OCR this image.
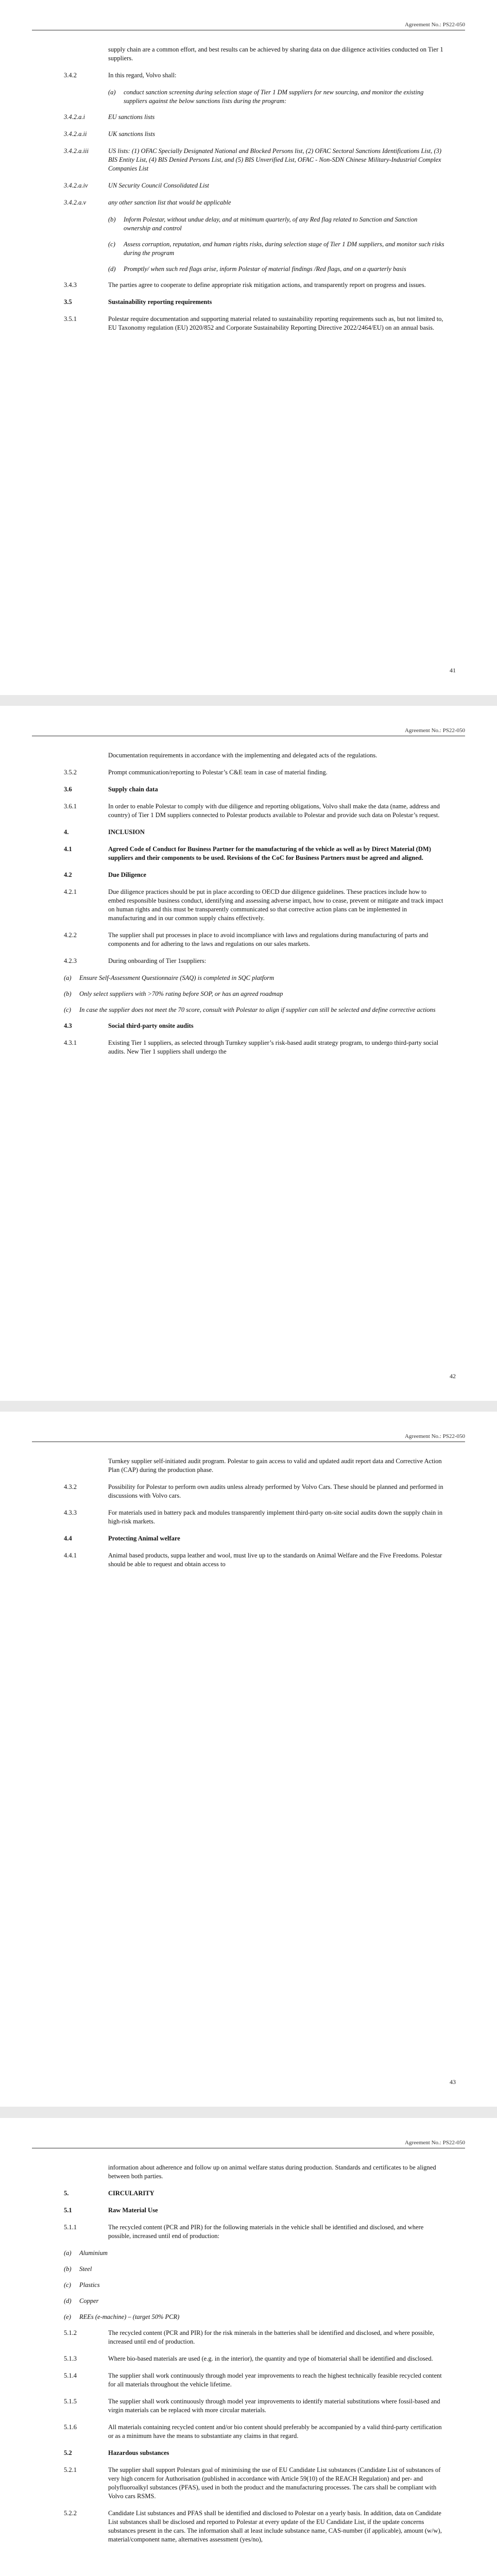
Agreement No.: PS22-050
supply chain are a common effort, and best results can be achieved by sharing data on due diligence activities conducted on Tier 1 suppliers.
3.4.2	In this regard, Volvo shall:
(a)	conduct sanction screening during selection stage of Tier 1 DM suppliers for new sourcing, and monitor the existing suppliers against the below sanctions lists during the program:
3.4.2.a.i	EU sanctions lists
3.4.2.a.ii	UK sanctions lists
3.4.2.a.iii	US lists: (1) OFAC Specially Designated National and Blocked Persons list, (2) OFAC Sectoral Sanctions Identifications List, (3) BIS Entity List, (4) BIS Denied Persons List, and (5) BIS Unverified List, OFAC - Non-SDN Chinese Military-Industrial Complex Companies List
3.4.2.a.iv	UN Security Council Consolidated List
3.4.2.a.v	any other sanction list that would be applicable
(b)	Inform Polestar, without undue delay, and at minimum quarterly, of any Red flag related to Sanction and Sanction ownership and control
(c)	Assess corruption, reputation, and human rights risks, during selection stage of Tier 1 DM suppliers, and monitor such risks during the program
(d)	Promptly/ when such red flags arise, inform Polestar of material findings /Red flags, and on a quarterly basis
3.4.3	The parties agree to cooperate to define appropriate risk mitigation actions, and transparently report on progress and issues.
3.5	Sustainability reporting requirements
3.5.1	Polestar require documentation and supporting material related to sustainability reporting requirements such as, but not limited to, EU Taxonomy regulation (EU) 2020/852 and Corporate Sustainability Reporting Directive 2022/2464/EU) on an annual basis.
41
Agreement No.: PS22-050
Documentation requirements in accordance with the implementing and delegated acts of the regulations.
3.5.2	Prompt communication/reporting to Polestar’s C&E team in case of material finding.
3.6	Supply chain data
3.6.1	In order to enable Polestar to comply with due diligence and reporting obligations, Volvo shall make the data (name, address and country) of Tier 1 DM suppliers connected to Polestar products available to Polestar and provide such data on Polestar’s request.
4.	INCLUSION
4.1	Agreed Code of Conduct for Business Partner for the manufacturing of the vehicle as well as by Direct Material (DM) suppliers and their components to be used. Revisions of the CoC for Business Partners must be agreed and aligned.
4.2	Due Diligence
4.2.1	Due diligence practices should be put in place according to OECD due diligence guidelines. These practices include how to embed responsible business conduct, identifying and assessing adverse impact, how to cease, prevent or mitigate and track impact on human rights and this must be transparently communicated so that corrective action plans can be implemented in manufacturing and in our common supply chains effectively.
4.2.2	The supplier shall put processes in place to avoid incompliance with laws and regulations during manufacturing of parts and components and for adhering to the laws and regulations on our sales markets.
4.2.3	During onboarding of Tier 1suppliers:
(a)	Ensure Self-Assessment Questionnaire (SAQ) is completed in SQC platform
(b)	Only select suppliers with >70% rating before SOP, or has an agreed roadmap
(c)	In case the supplier does not meet the 70 score, consult with Polestar to align if supplier can still be selected and define corrective actions
4.3	Social third-party onsite audits
4.3.1	Existing Tier 1 suppliers, as selected through Turnkey supplier’s risk-based audit strategy program, to undergo third-party social audits. New Tier 1 suppliers shall undergo the
42
Agreement No.: PS22-050
Turnkey supplier self-initiated audit program. Polestar to gain access to valid and updated audit report data and Corrective Action Plan (CAP) during the production phase.
4.3.2	Possibility for Polestar to perform own audits unless already performed by Volvo Cars. These should be planned and performed in discussions with Volvo cars.
4.3.3	For materials used in battery pack and modules transparently implement third-party on-site social audits down the supply chain in high-risk markets.
4.4	Protecting Animal welfare
4.4.1	Animal based products, suppa leather and wool, must live up to the standards on Animal Welfare and the Five Freedoms. Polestar should be able to request and obtain access to
43
Agreement No.: PS22-050
information about adherence and follow up on animal welfare status during production. Standards and certificates to be aligned between both parties.
5.	CIRCULARITY
5.1	Raw Material Use
5.1.1	The recycled content (PCR and PIR) for the following materials in the vehicle shall be identified and disclosed, and where possible, increased until end of production:
(a)	Aluminium
(b)	Steel
(c)	Plastics
(d)	Copper
(e)	REEs (e-machine) – (target 50% PCR)
5.1.2	The recycled content (PCR and PIR) for the risk minerals in the batteries shall be identified and disclosed, and where possible, increased until end of production.
5.1.3	Where bio-based materials are used (e.g. in the interior), the quantity and type of biomaterial shall be identified and disclosed.
5.1.4	The supplier shall work continuously through model year improvements to reach the highest technically feasible recycled content for all materials throughout the vehicle lifetime.
5.1.5	The supplier shall work continuously through model year improvements to identify material substitutions where fossil-based and virgin materials can be replaced with more circular materials.
5.1.6	All materials containing recycled content and/or bio content should preferably be accompanied by a valid third-party certification or as a minimum have the means to substantiate any claims in that regard.
5.2	Hazardous substances
5.2.1	The supplier shall support Polestars goal of minimising the use of EU Candidate List substances (Candidate List of substances of very high concern for Authorisation (published in accordance with Article 59(10) of the REACH Regulation) and per- and polyfluoroalkyl substances (PFAS), used in both the product and the manufacturing processes. The cars shall be compliant with Volvo cars RSMS.
5.2.2	Candidate List substances and PFAS shall be identified and disclosed to Polestar on a yearly basis. In addition, data on Candidate List substances shall be disclosed and reported to Polestar at every update of the EU Candidate List, if the update concerns substances present in the cars. The information shall at least include substance name, CAS-number (if applicable), amount (w/w), material/component name, alternatives assessment (yes/no),
